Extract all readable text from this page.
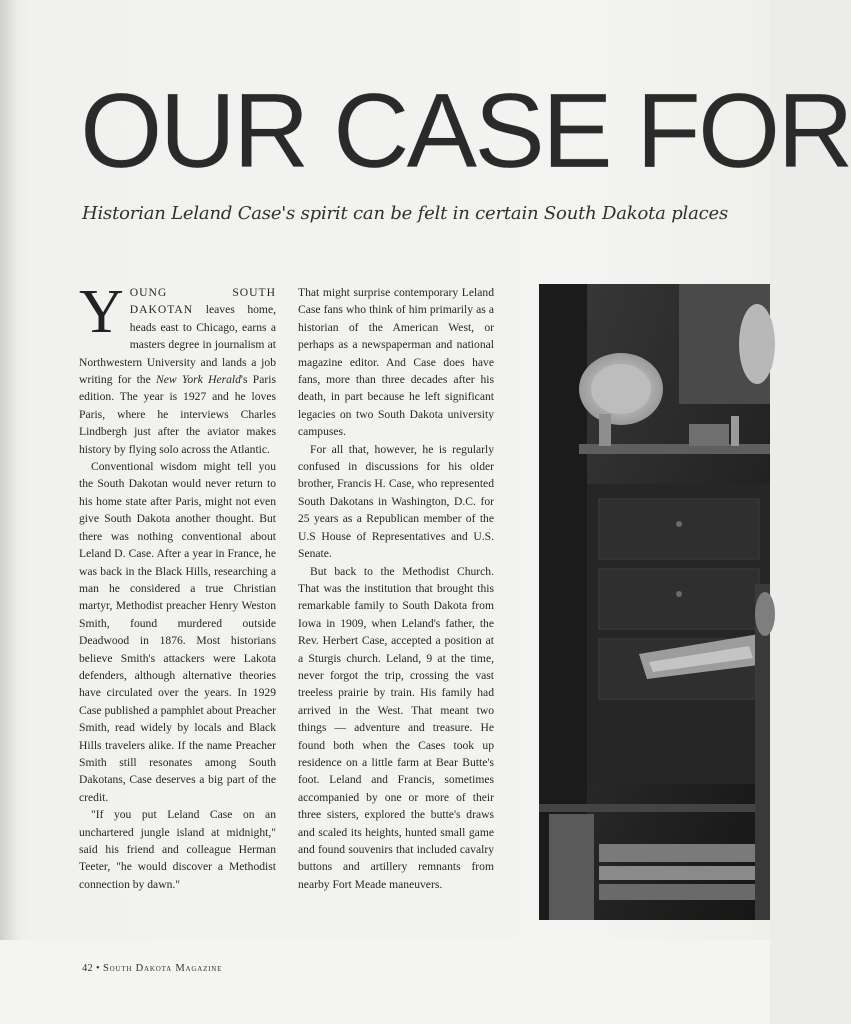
OUR CASE FOR
Historian Leland Case's spirit can be felt in certain South Dakota places

YOUNG SOUTH DAKOTAN leaves home, heads east to Chicago, earns a masters degree in journalism at Northwestern University and lands a job writing for the New York Herald's Paris edition. The year is 1927 and he loves Paris, where he interviews Charles Lindbergh just after the aviator makes history by flying solo across the Atlantic.

Conventional wisdom might tell you the South Dakotan would never return to his home state after Paris, might not even give South Dakota another thought. But there was nothing conventional about Leland D. Case. After a year in France, he was back in the Black Hills, researching a man he considered a true Christian martyr, Methodist preacher Henry Weston Smith, found murdered outside Deadwood in 1876. Most historians believe Smith's attackers were Lakota defenders, although alternative theories have circulated over the years. In 1929 Case published a pamphlet about Preacher Smith, read widely by locals and Black Hills travelers alike. If the name Preacher Smith still resonates among South Dakotans, Case deserves a big part of the credit.

"If you put Leland Case on an unchartered jungle island at midnight," said his friend and colleague Herman Teeter, "he would discover a Methodist connection by dawn."

That might surprise contemporary Leland Case fans who think of him primarily as a historian of the American West, or perhaps as a newspaperman and national magazine editor. And Case does have fans, more than three decades after his death, in part because he left significant legacies on two South Dakota university campuses.

For all that, however, he is regularly confused in discussions for his older brother, Francis H. Case, who represented South Dakotans in Washington, D.C. for 25 years as a Republican member of the U.S House of Representatives and U.S. Senate.

But back to the Methodist Church. That was the institution that brought this remarkable family to South Dakota from Iowa in 1909, when Leland's father, the Rev. Herbert Case, accepted a position at a Sturgis church. Leland, 9 at the time, never forgot the trip, crossing the vast treeless prairie by train. His family had arrived in the West. That meant two things — adventure and treasure. He found both when the Cases took up residence on a little farm at Bear Butte's foot. Leland and Francis, sometimes accompanied by one or more of their three sisters, explored the butte's draws and scaled its heights, hunted small game and found souvenirs that included cavalry buttons and artillery remnants from nearby Fort Meade maneuvers.

42 • South Dakota Magazine
